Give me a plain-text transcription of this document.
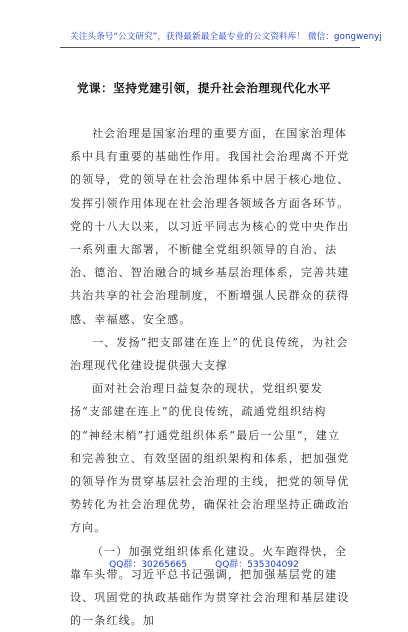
关注头条号“公文研究”，获得最新最全最专业的公文资料库！ 微信：gongwenyj
党课：坚持党建引领，提升社会治理现代化水平

社会治理是国家治理的重要方面，在国家治理体系中具有重要的基础性作用。我国社会治理离不开党的领导，党的领导在社会治理体系中居于核心地位、发挥引领作用体现在社会治理各领域各方面各环节。党的十八大以来，以习近平同志为核心的党中央作出一系列重大部署，不断健全党组织领导的自治、法治、德治、智治融合的城乡基层治理体系，完善共建共治共享的社会治理制度，不断增强人民群众的获得感、幸福感、安全感。

一、发扬“把支部建在连上”的优良传统，为社会治理现代化建设提供强大支撑

面对社会治理日益复杂的现状，党组织要发扬“支部建在连上”的优良传统，疏通党组织结构的“神经末梢”打通党组织体系“最后一公里”，建立和完善独立、有效坚固的组织架构和体系，把加强党的领导作为贯穿基层社会治理的主线，把党的领导优势转化为社会治理优势，确保社会治理坚持正确政治方向。

（一）加强党组织体系化建设。火车跑得快，全靠车头带。习近平总书记强调，把加强基层党的建设、巩固党的执政基础作为贯穿社会治理和基层建设的一条红线。加

QQ群：30265665	QQ群：535304092
